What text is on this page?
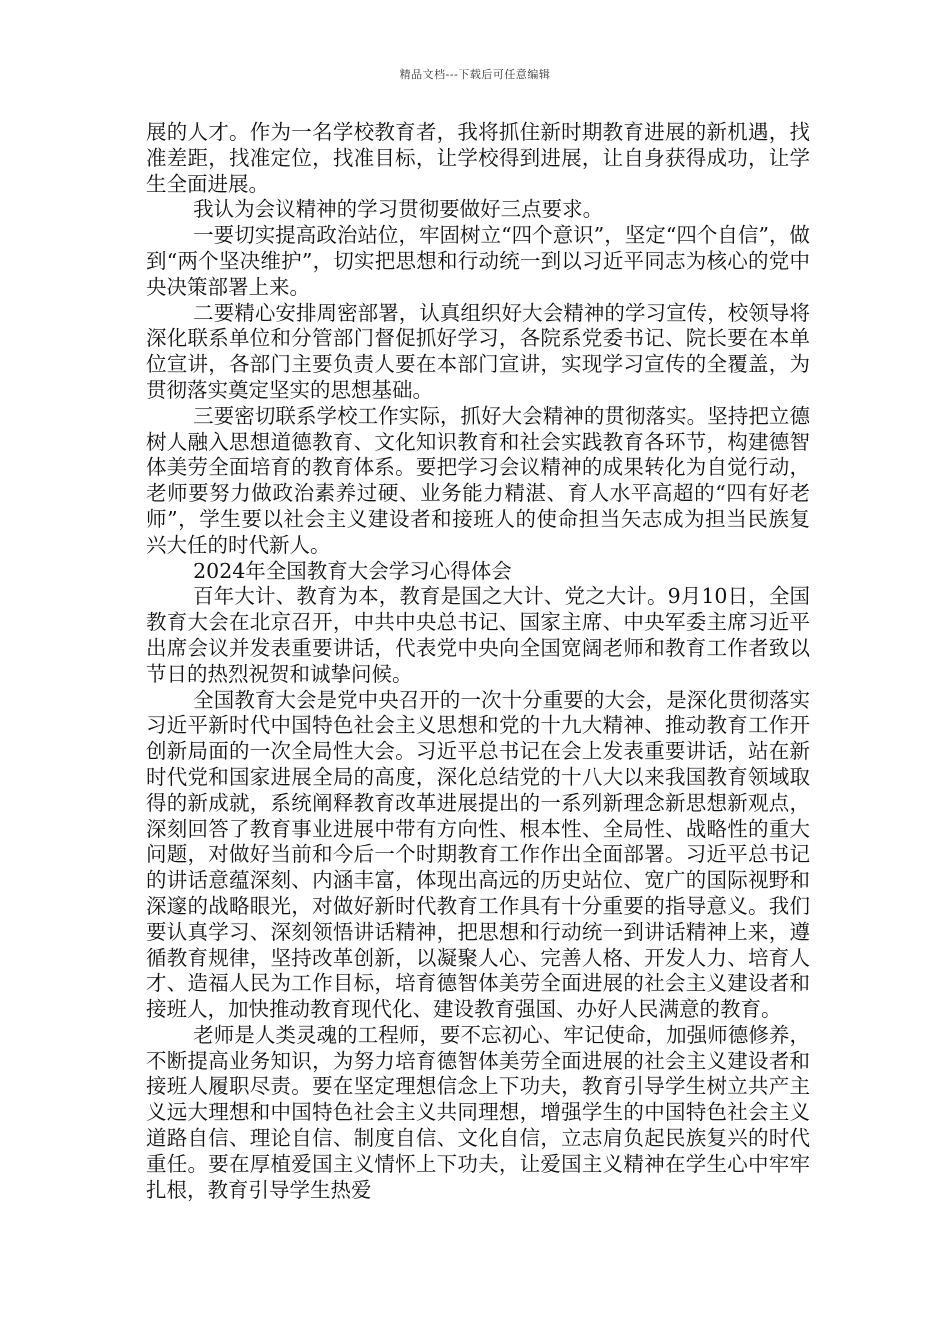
精品文档---下载后可任意编辑

展的人才。作为一名学校教育者，我将抓住新时期教育进展的新机遇，找准差距，找准定位，找准目标，让学校得到进展，让自身获得成功，让学生全面进展。

我认为会议精神的学习贯彻要做好三点要求。

一要切实提高政治站位，牢固树立“四个意识”，坚定“四个自信”，做到“两个坚决维护”，切实把思想和行动统一到以习近平同志为核心的党中央决策部署上来。

二要精心安排周密部署，认真组织好大会精神的学习宣传，校领导将深化联系单位和分管部门督促抓好学习，各院系党委书记、院长要在本单位宣讲，各部门主要负责人要在本部门宣讲，实现学习宣传的全覆盖，为贯彻落实奠定坚实的思想基础。

三要密切联系学校工作实际，抓好大会精神的贯彻落实。坚持把立德树人融入思想道德教育、文化知识教育和社会实践教育各环节，构建德智体美劳全面培育的教育体系。要把学习会议精神的成果转化为自觉行动，老师要努力做政治素养过硬、业务能力精湛、育人水平高超的“四有好老师”，学生要以社会主义建设者和接班人的使命担当矢志成为担当民族复兴大任的时代新人。

2024年全国教育大会学习心得体会

百年大计、教育为本，教育是国之大计、党之大计。9月10日，全国教育大会在北京召开，中共中央总书记、国家主席、中央军委主席习近平出席会议并发表重要讲话，代表党中央向全国宽阔老师和教育工作者致以节日的热烈祝贺和诚挚问候。

全国教育大会是党中央召开的一次十分重要的大会，是深化贯彻落实习近平新时代中国特色社会主义思想和党的十九大精神、推动教育工作开创新局面的一次全局性大会。习近平总书记在会上发表重要讲话，站在新时代党和国家进展全局的高度，深化总结党的十八大以来我国教育领域取得的新成就，系统阐释教育改革进展提出的一系列新理念新思想新观点，深刻回答了教育事业进展中带有方向性、根本性、全局性、战略性的重大问题，对做好当前和今后一个时期教育工作作出全面部署。习近平总书记的讲话意蕴深刻、内涵丰富，体现出高远的历史站位、宽广的国际视野和深邃的战略眼光，对做好新时代教育工作具有十分重要的指导意义。我们要认真学习、深刻领悟讲话精神，把思想和行动统一到讲话精神上来，遵循教育规律，坚持改革创新，以凝聚人心、完善人格、开发人力、培育人才、造福人民为工作目标，培育德智体美劳全面进展的社会主义建设者和接班人，加快推动教育现代化、建设教育强国、办好人民满意的教育。

老师是人类灵魂的工程师，要不忘初心、牢记使命，加强师德修养，不断提高业务知识，为努力培育德智体美劳全面进展的社会主义建设者和接班人履职尽责。要在坚定理想信念上下功夫，教育引导学生树立共产主义远大理想和中国特色社会主义共同理想，增强学生的中国特色社会主义道路自信、理论自信、制度自信、文化自信，立志肩负起民族复兴的时代重任。要在厚植爱国主义情怀上下功夫，让爱国主义精神在学生心中牢牢扎根，教育引导学生热爱
